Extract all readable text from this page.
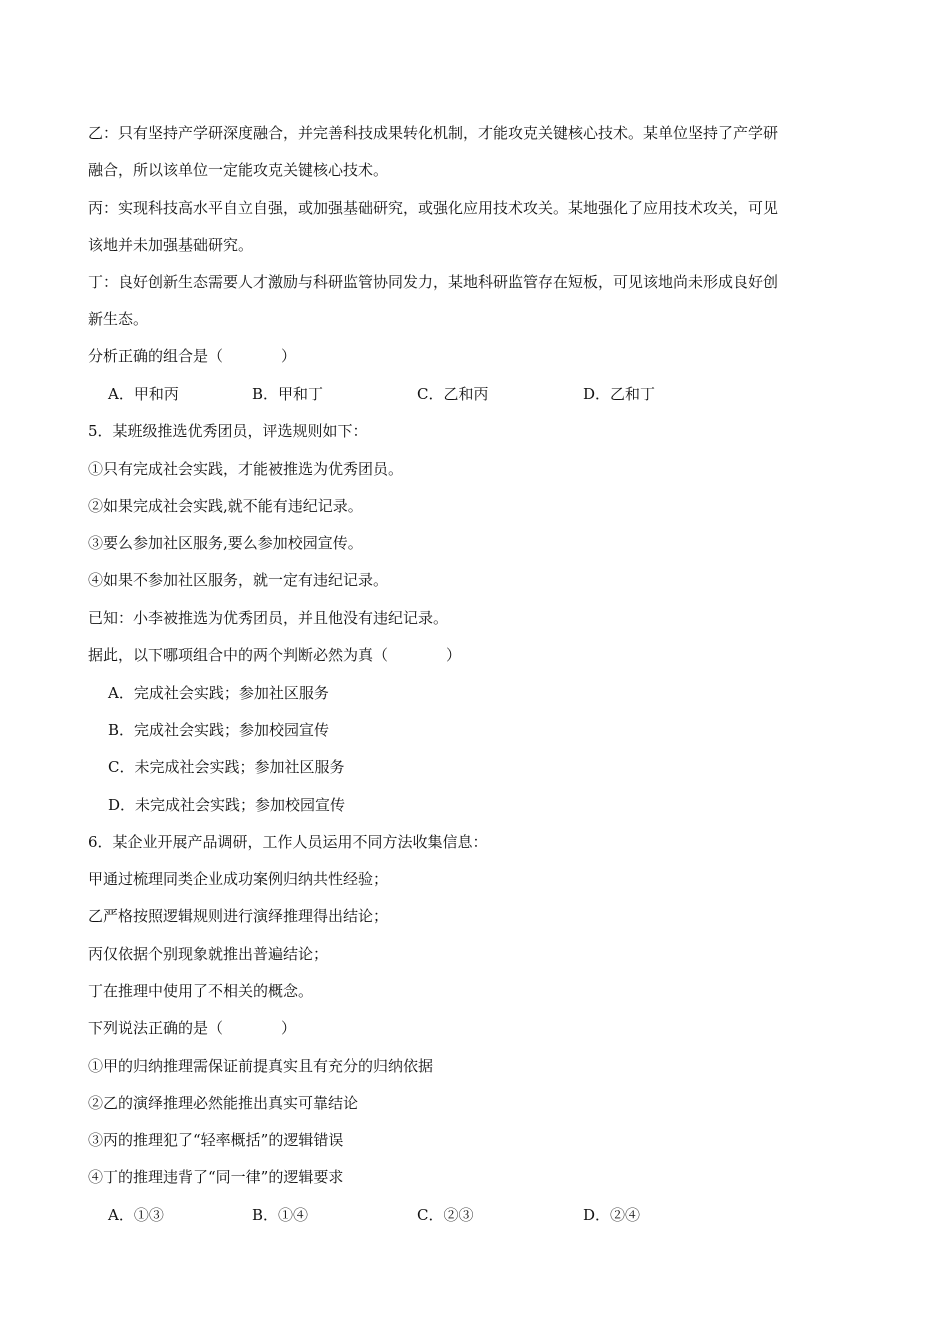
乙：只有坚持产学研深度融合，并完善科技成果转化机制，才能攻克关键核心技术。某单位坚持了产学研
融合，所以该单位一定能攻克关键核心技术。
丙：实现科技高水平自立自强，或加强基础研究，或强化应用技术攻关。某地强化了应用技术攻关，可见
该地并未加强基础研究。
丁：良好创新生态需要人才激励与科研监管协同发力，某地科研监管存在短板，可见该地尚未形成良好创
新生态。
分析正确的组合是（	）
A．甲和丙	B．甲和丁	C．乙和丙	D．乙和丁
5．某班级推选优秀团员，评选规则如下：
①只有完成社会实践，才能被推选为优秀团员。
②如果完成社会实践,就不能有违纪记录。
③要么参加社区服务,要么参加校园宣传。
④如果不参加社区服务，就一定有违纪记录。
已知：小李被推选为优秀团员，并且他没有违纪记录。
据此，以下哪项组合中的两个判断必然为真（	）
A．完成社会实践；参加社区服务
B．完成社会实践；参加校园宣传
C．未完成社会实践；参加社区服务
D．未完成社会实践；参加校园宣传
6．某企业开展产品调研，工作人员运用不同方法收集信息：
甲通过梳理同类企业成功案例归纳共性经验；
乙严格按照逻辑规则进行演绎推理得出结论；
丙仅依据个别现象就推出普遍结论；
丁在推理中使用了不相关的概念。
下列说法正确的是（	）
①甲的归纳推理需保证前提真实且有充分的归纳依据
②乙的演绎推理必然能推出真实可靠结论
③丙的推理犯了“轻率概括”的逻辑错误
④丁的推理违背了“同一律”的逻辑要求
A．①③	B．①④	C．②③	D．②④
